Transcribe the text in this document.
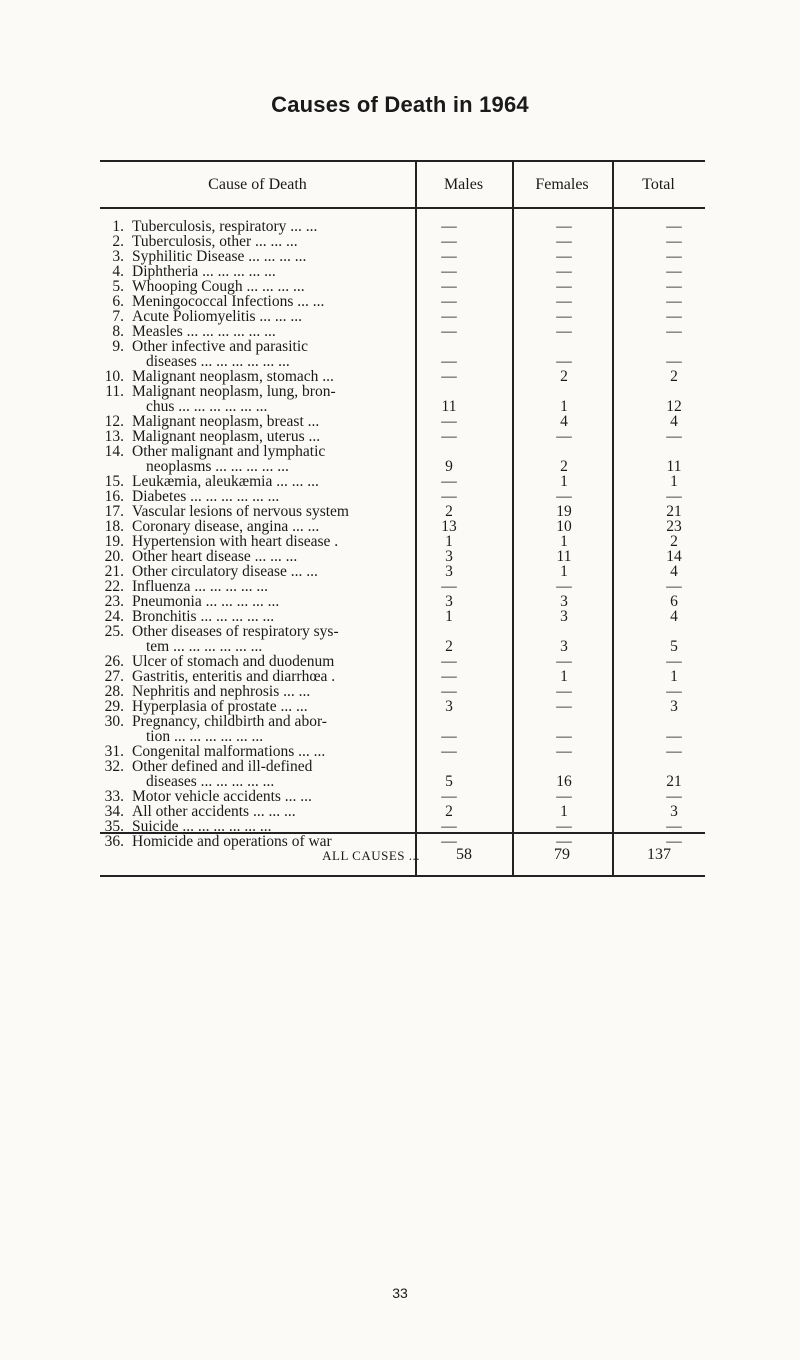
Causes of Death in 1964
Cause of Death	Males	Females	Total
1. Tuberculosis, respiratory ... ...	—	—	—
2. Tuberculosis, other ... ... ...	—	—	—
3. Syphilitic Disease ... ... ... ...	—	—	—
4. Diphtheria ... ... ... ... ...	—	—	—
5. Whooping Cough ... ... ... ...	—	—	—
6. Meningococcal Infections ... ...	—	—	—
7. Acute Poliomyelitis ... ... ...	—	—	—
8. Measles ... ... ... ... ... ...	—	—	—
9. Other infective and parasitic
diseases ... ... ... ... ... ...	—	—	—
10. Malignant neoplasm, stomach ...	—	2	2
11. Malignant neoplasm, lung, bron-
chus ... ... ... ... ... ...	11	1	12
12. Malignant neoplasm, breast ...	—	4	4
13. Malignant neoplasm, uterus ...	—	—	—
14. Other malignant and lymphatic
neoplasms ... ... ... ... ...	9	2	11
15. Leukæmia, aleukæmia ... ... ...	—	1	1
16. Diabetes ... ... ... ... ... ...	—	—	—
17. Vascular lesions of nervous system	2	19	21
18. Coronary disease, angina ... ...	13	10	23
19. Hypertension with heart disease .	1	1	2
20. Other heart disease ... ... ...	3	11	14
21. Other circulatory disease ... ...	3	1	4
22. Influenza ... ... ... ... ...	—	—	—
23. Pneumonia ... ... ... ... ...	3	3	6
24. Bronchitis ... ... ... ... ...	1	3	4
25. Other diseases of respiratory sys-
tem ... ... ... ... ... ...	2	3	5
26. Ulcer of stomach and duodenum	—	—	—
27. Gastritis, enteritis and diarrhœa .	—	1	1
28. Nephritis and nephrosis ... ...	—	—	—
29. Hyperplasia of prostate ... ...	3	—	3
30. Pregnancy, childbirth and abor-
tion ... ... ... ... ... ...	—	—	—
31. Congenital malformations ... ...	—	—	—
32. Other defined and ill-defined
diseases ... ... ... ... ...	5	16	21
33. Motor vehicle accidents ... ...	—	—	—
34. All other accidents ... ... ...	2	1	3
35. Suicide ... ... ... ... ... ...	—	—	—
36. Homicide and operations of war	—	—	—
ALL CAUSES ...	58	79	137
33
